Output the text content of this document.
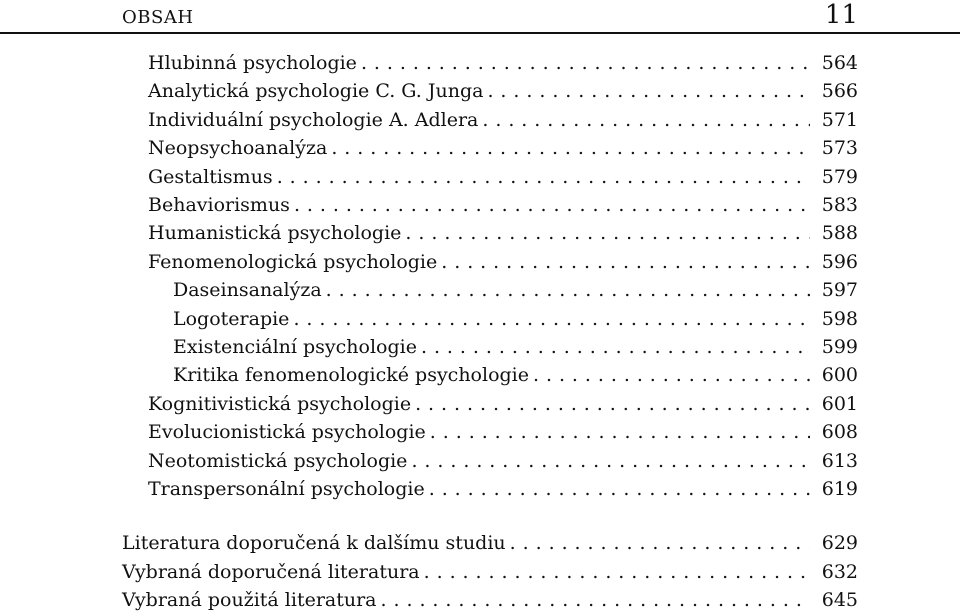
OBSAH	11
Hlubinná psychologie . . .	564
Analytická psychologie C. G. Junga . . .	566
Individuální psychologie A. Adlera . . .	571
Neopsychoanalýza . . .	573
Gestaltismus . . .	579
Behaviorismus . . .	583
Humanistická psychologie . . .	588
Fenomenologická psychologie . . .	596
Daseinsanalýza . . .	597
Logoterapie . . .	598
Existenciální psychologie . . .	599
Kritika fenomenologické psychologie . . .	600
Kognitivistická psychologie . . .	601
Evolucionistická psychologie . . .	608
Neotomistická psychologie . . .	613
Transpersonální psychologie . . .	619
Literatura doporučená k dalšímu studiu . . .	629
Vybraná doporučená literatura . . .	632
Vybraná použitá literatura . . .	645
